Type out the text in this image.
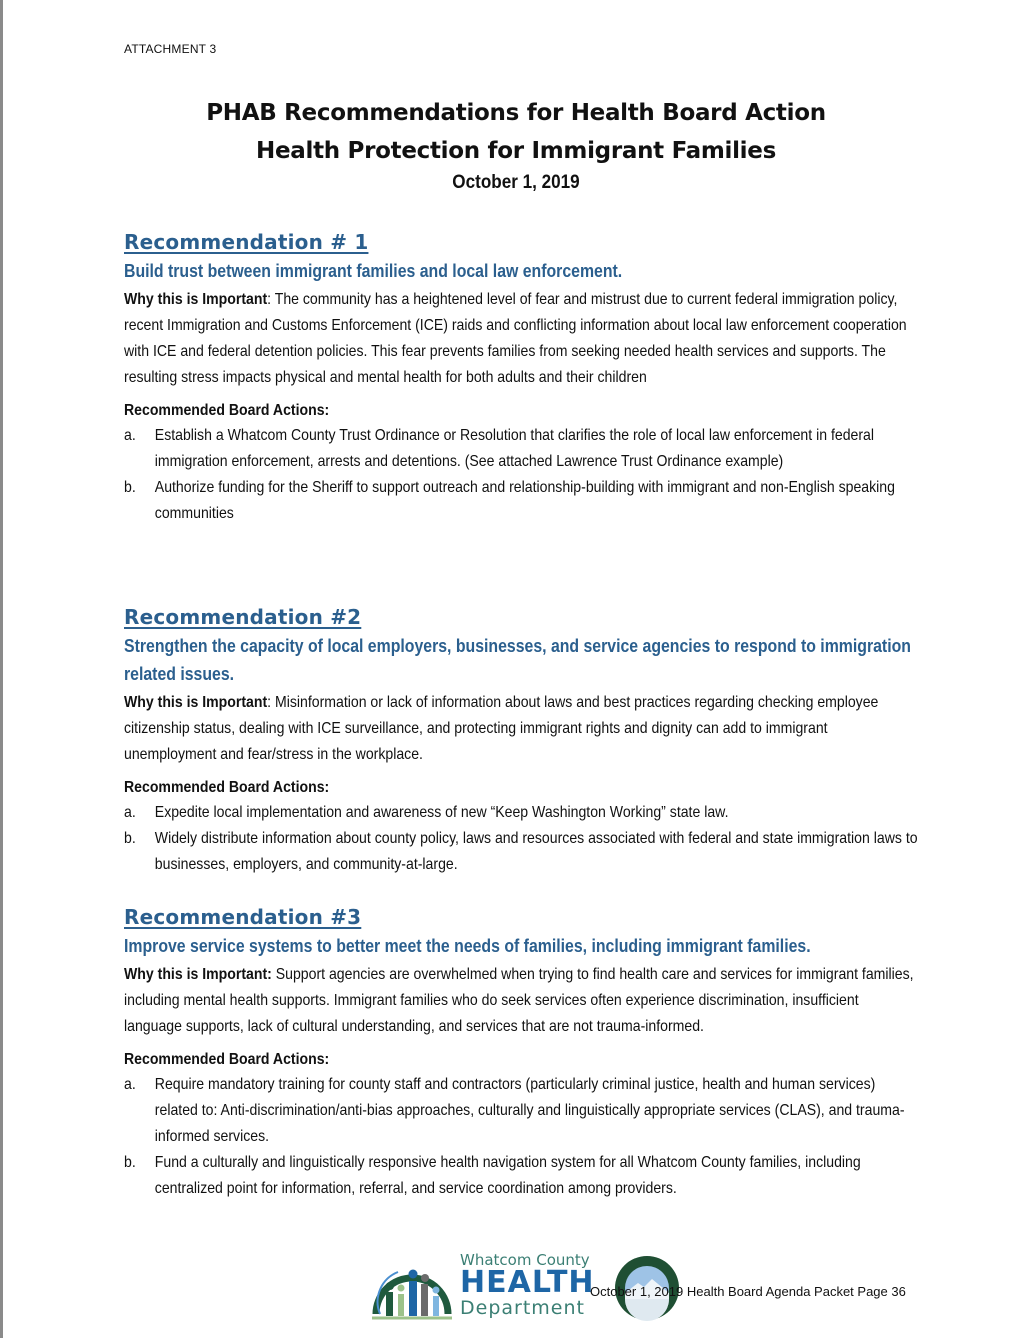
ATTACHMENT 3
PHAB Recommendations for Health Board Action
Health Protection for Immigrant Families
October 1, 2019
Recommendation # 1
Build trust between immigrant families and local law enforcement.
Why this is Important: The community has a heightened level of fear and mistrust due to current federal immigration policy, recent Immigration and Customs Enforcement (ICE) raids and conflicting information about local law enforcement cooperation with ICE and federal detention policies. This fear prevents families from seeking needed health services and supports. The resulting stress impacts physical and mental health for both adults and their children
Recommended Board Actions:
a.	Establish a Whatcom County Trust Ordinance or Resolution that clarifies the role of local law enforcement in federal immigration enforcement, arrests and detentions. (See attached Lawrence Trust Ordinance example)
b.	Authorize funding for the Sheriff to support outreach and relationship-building with immigrant and non-English speaking communities
Recommendation #2
Strengthen the capacity of local employers, businesses, and service agencies to respond to immigration related issues.
Why this is Important: Misinformation or lack of information about laws and best practices regarding checking employee citizenship status, dealing with ICE surveillance, and protecting immigrant rights and dignity can add to immigrant unemployment and fear/stress in the workplace.
Recommended Board Actions:
a.	Expedite local implementation and awareness of new “Keep Washington Working” state law.
b.	Widely distribute information about county policy, laws and resources associated with federal and state immigration laws to businesses, employers, and community-at-large.
Recommendation #3
Improve service systems to better meet the needs of families, including immigrant families.
Why this is Important: Support agencies are overwhelmed when trying to find health care and services for immigrant families, including mental health supports. Immigrant families who do seek services often experience discrimination, insufficient language supports, lack of cultural understanding, and services that are not trauma-informed.
Recommended Board Actions:
a.	Require mandatory training for county staff and contractors (particularly criminal justice, health and human services) related to: Anti-discrimination/anti-bias approaches, culturally and linguistically appropriate services (CLAS), and trauma-informed services.
b.	Fund a culturally and linguistically responsive health navigation system for all Whatcom County families, including centralized point for information, referral, and service coordination among providers.
Whatcom County
HEALTH
Department
October 1, 2019 Health Board Agenda Packet Page 36
